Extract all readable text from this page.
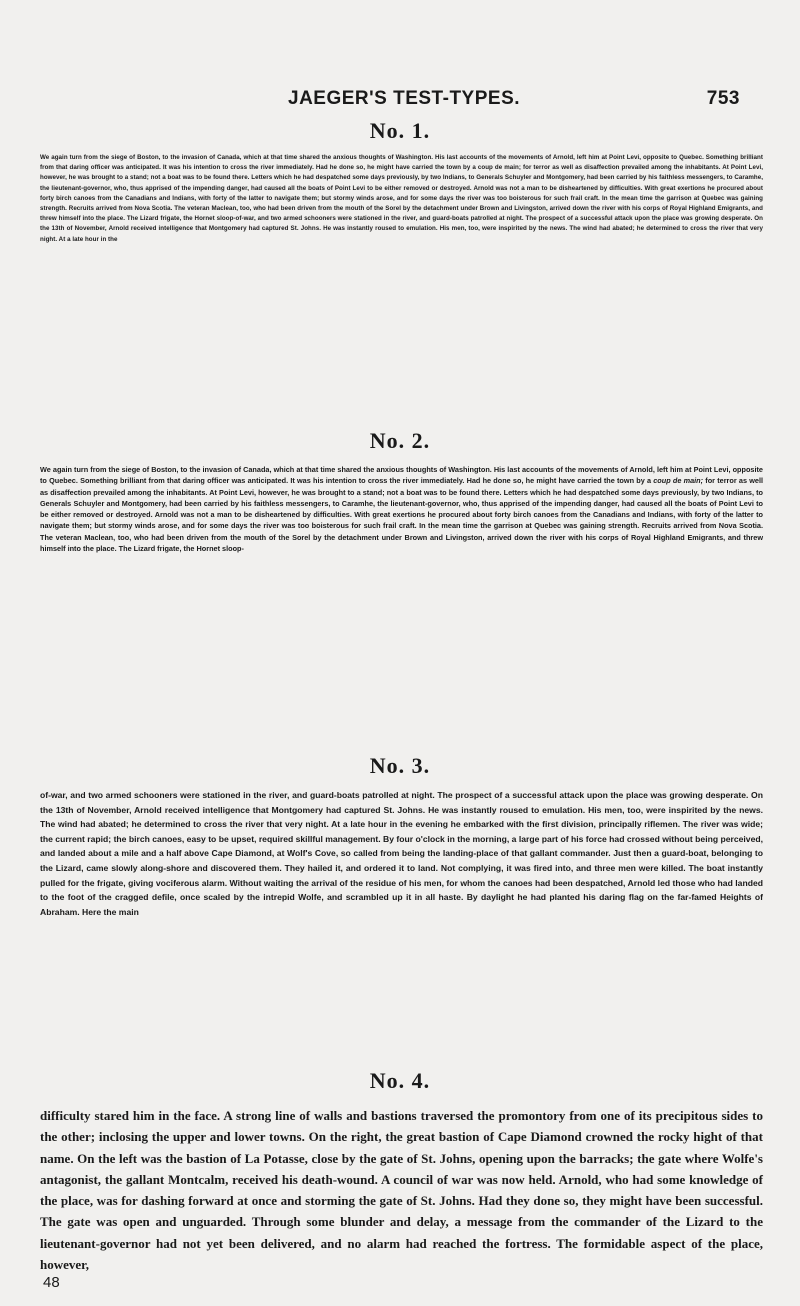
JAEGER'S TEST-TYPES.	753
No. 1.

We again turn from the siege of Boston, to the invasion of Canada, which at that time shared the anxious thoughts of Washington. His last accounts of the movements of Arnold, left him at Point Levi, opposite to Quebec. Something brilliant from that daring officer was anticipated. It was his intention to cross the river immediately. Had he done so, he might have carried the town by a coup de main; for terror as well as disaffection prevailed among the inhabitants. At Point Levi, however, he was brought to a stand; not a boat was to be found there. Letters which he had despatched some days previously, by two Indians, to Generals Schuyler and Montgomery, had been carried by his faithless messengers, to Caramhe, the lieutenant-governor, who, thus apprised of the impending danger, had caused all the boats of Point Levi to be either removed or destroyed. Arnold was not a man to be disheartened by difficulties. With great exertions he procured about forty birch canoes from the Canadians and Indians, with forty of the latter to navigate them; but stormy winds arose, and for some days the river was too boisterous for such frail craft. In the mean time the garrison at Quebec was gaining strength. Recruits arrived from Nova Scotia. The veteran Maclean, too, who had been driven from the mouth of the Sorel by the detachment under Brown and Livingston, arrived down the river with his corps of Royal Highland Emigrants, and threw himself into the place. The Lizard frigate, the Hornet sloop-of-war, and two armed schooners were stationed in the river, and guard-boats patrolled at night. The prospect of a successful attack upon the place was growing desperate. On the 13th of November, Arnold received intelligence that Montgomery had captured St. Johns. He was instantly roused to emulation. His men, too, were inspirited by the news. The wind had abated; he determined to cross the river that very night. At a late hour in the

No. 2.

We again turn from the siege of Boston, to the invasion of Canada, which at that time shared the anxious thoughts of Washington. His last accounts of the movements of Arnold, left him at Point Levi, opposite to Quebec. Something brilliant from that daring officer was anticipated. It was his intention to cross the river immediately. Had he done so, he might have carried the town by a coup de main; for terror as well as disaffection prevailed among the inhabitants. At Point Levi, however, he was brought to a stand; not a boat was to be found there. Letters which he had despatched some days previously, by two Indians, to Generals Schuyler and Montgomery, had been carried by his faithless messengers, to Caramhe, the lieutenant-governor, who, thus apprised of the impending danger, had caused all the boats of Point Levi to be either removed or destroyed. Arnold was not a man to be disheartened by difficulties. With great exertions he procured about forty birch canoes from the Canadians and Indians, with forty of the latter to navigate them; but stormy winds arose, and for some days the river was too boisterous for such frail craft. In the mean time the garrison at Quebec was gaining strength. Recruits arrived from Nova Scotia. The veteran Maclean, too, who had been driven from the mouth of the Sorel by the detachment under Brown and Livingston, arrived down the river with his corps of Royal Highland Emigrants, and threw himself into the place. The Lizard frigate, the Hornet sloop-

No. 3.

of-war, and two armed schooners were stationed in the river, and guard-boats patrolled at night. The prospect of a successful attack upon the place was growing desperate. On the 13th of November, Arnold received intelligence that Montgomery had captured St. Johns. He was instantly roused to emulation. His men, too, were inspirited by the news. The wind had abated; he determined to cross the river that very night. At a late hour in the evening he embarked with the first division, principally riflemen. The river was wide; the current rapid; the birch canoes, easy to be upset, required skillful management. By four o'clock in the morning, a large part of his force had crossed without being perceived, and landed about a mile and a half above Cape Diamond, at Wolf's Cove, so called from being the landing-place of that gallant commander. Just then a guard-boat, belonging to the Lizard, came slowly along-shore and discovered them. They hailed it, and ordered it to land. Not complying, it was fired into, and three men were killed. The boat instantly pulled for the frigate, giving vociferous alarm. Without waiting the arrival of the residue of his men, for whom the canoes had been despatched, Arnold led those who had landed to the foot of the cragged defile, once scaled by the intrepid Wolfe, and scrambled up it in all haste. By daylight he had planted his daring flag on the far-famed Heights of Abraham. Here the main

No. 4.

difficulty stared him in the face. A strong line of walls and bastions traversed the promontory from one of its precipitous sides to the other; inclosing the upper and lower towns. On the right, the great bastion of Cape Diamond crowned the rocky hight of that name. On the left was the bastion of La Potasse, close by the gate of St. Johns, opening upon the barracks; the gate where Wolfe's antagonist, the gallant Montcalm, received his death-wound. A council of war was now held. Arnold, who had some knowledge of the place, was for dashing forward at once and storming the gate of St. Johns. Had they done so, they might have been successful. The gate was open and unguarded. Through some blunder and delay, a message from the commander of the Lizard to the lieutenant-governor had not yet been delivered, and no alarm had reached the fortress. The formidable aspect of the place, however,

48
